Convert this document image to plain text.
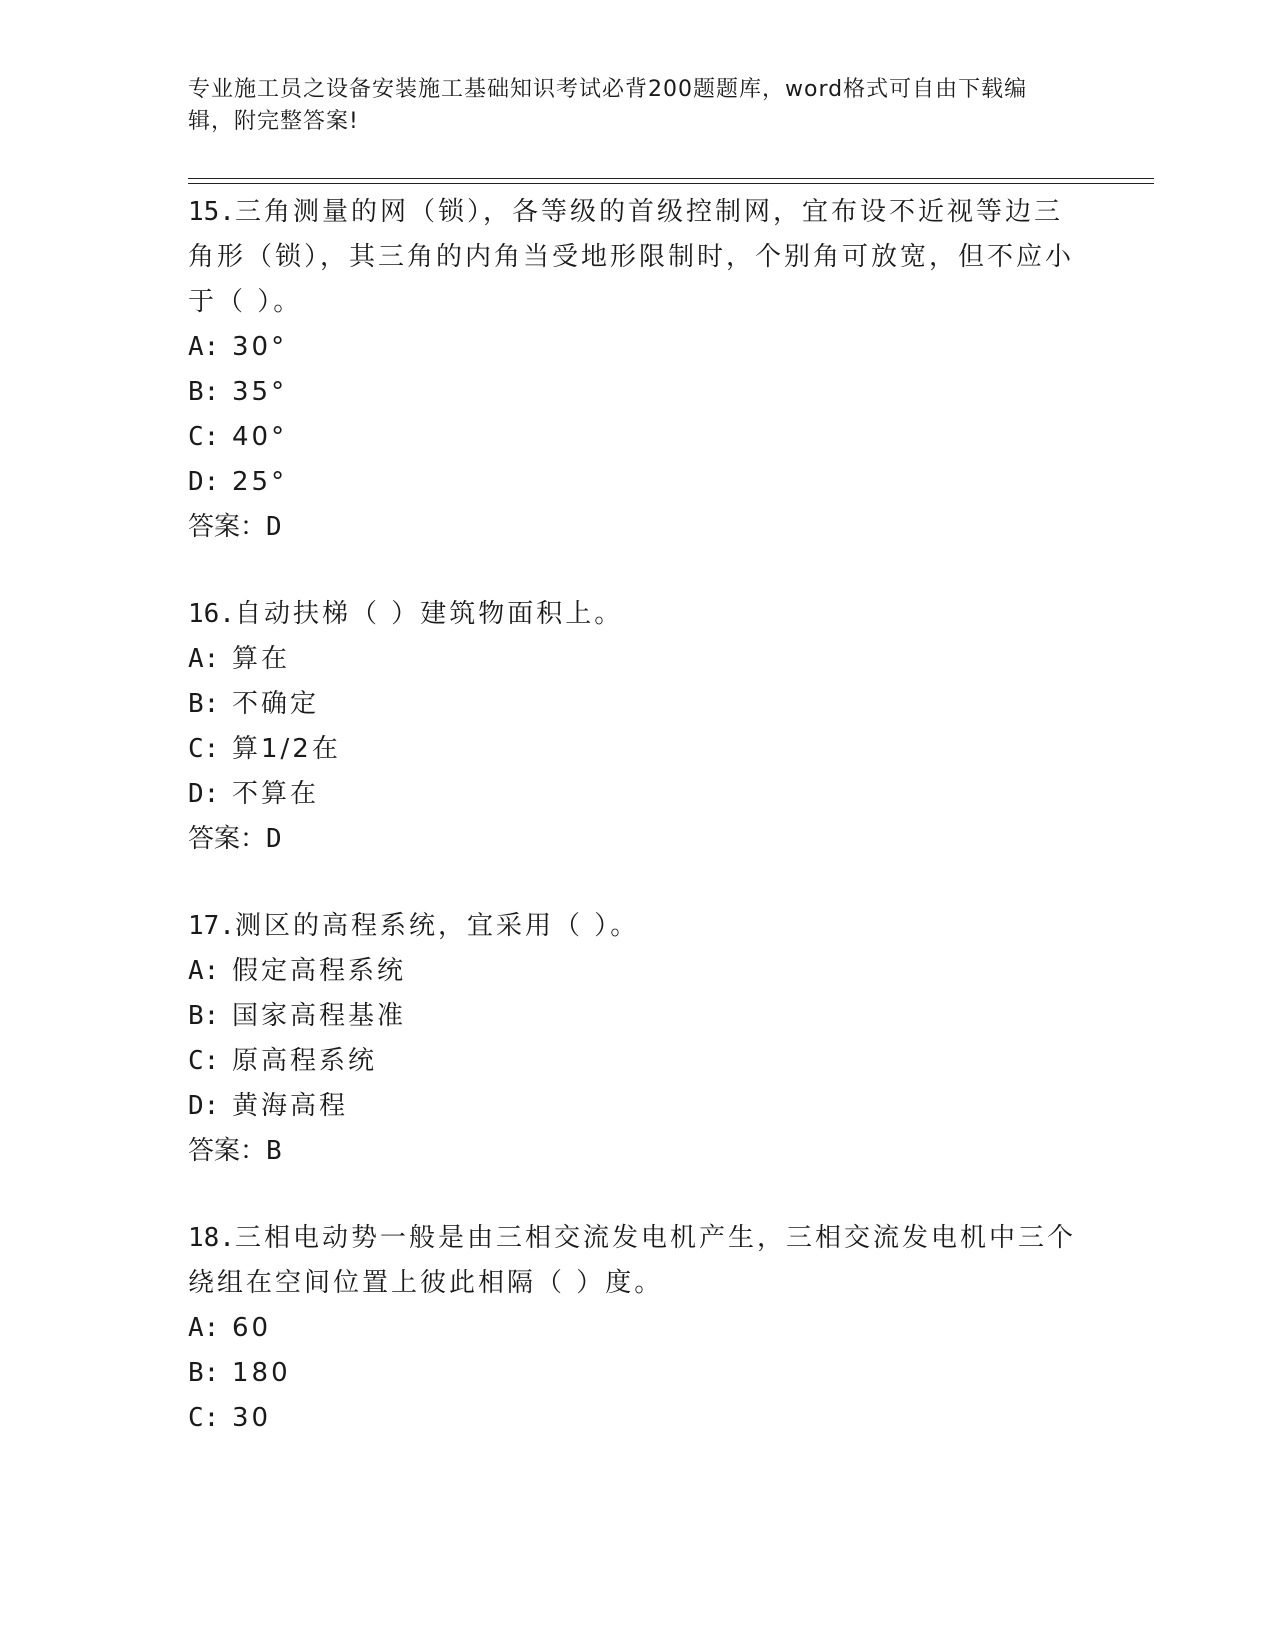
专业施工员之设备安装施工基础知识考试必背200题题库，word格式可自由下载编辑，附完整答案!

15.三角测量的网（锁），各等级的首级控制网，宜布设不近视等边三角形（锁），其三角的内角当受地形限制时，个别角可放宽，但不应小于（ ）。

A: 30°

B: 35°

C: 40°

D: 25°

答案：D

16.自动扶梯（ ）建筑物面积上。

A: 算在

B: 不确定

C: 算1/2在

D: 不算在

答案：D

17.测区的高程系统，宜采用（ ）。

A: 假定高程系统

B: 国家高程基准

C: 原高程系统

D: 黄海高程

答案：B

18.三相电动势一般是由三相交流发电机产生，三相交流发电机中三个绕组在空间位置上彼此相隔（ ）度。

A: 60

B: 180

C: 30
